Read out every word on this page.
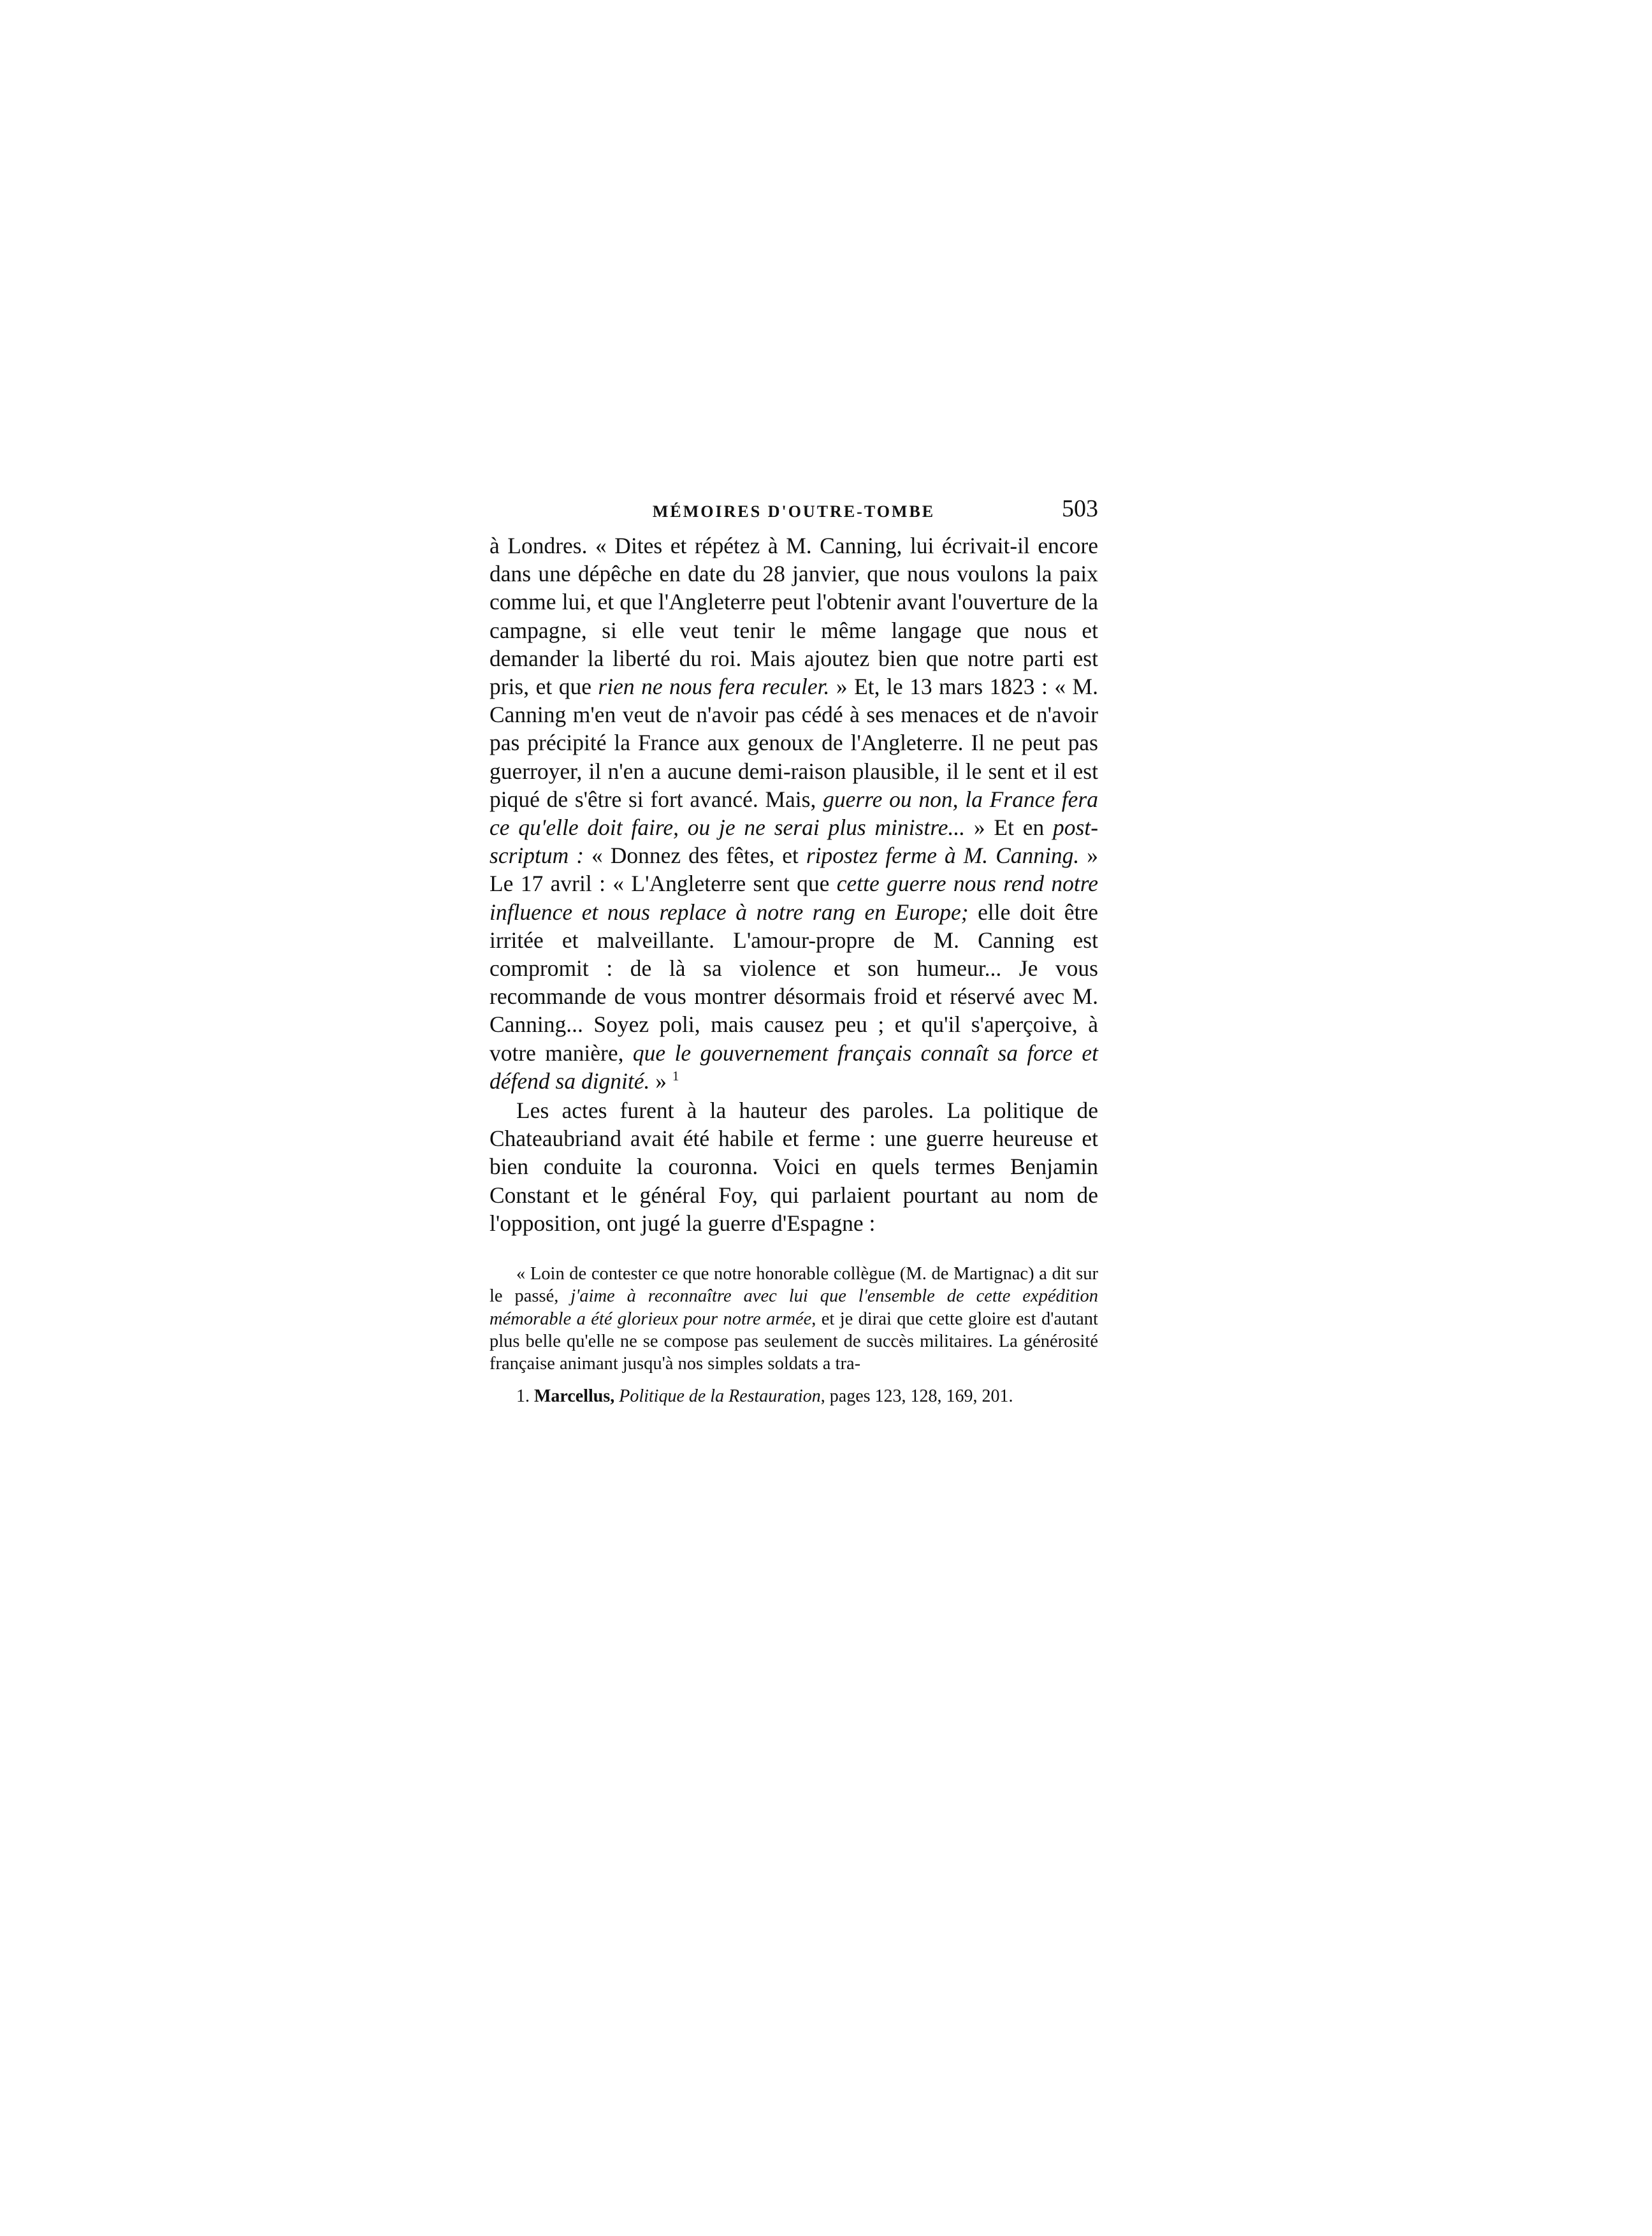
MÉMOIRES D'OUTRE-TOMBE	503

à Londres. « Dites et répétez à M. Canning, lui écrivait-il encore dans une dépêche en date du 28 janvier, que nous voulons la paix comme lui, et que l'Angleterre peut l'obtenir avant l'ouverture de la campagne, si elle veut tenir le même langage que nous et demander la liberté du roi. Mais ajoutez bien que notre parti est pris, et que rien ne nous fera reculer. » Et, le 13 mars 1823 : « M. Canning m'en veut de n'avoir pas cédé à ses menaces et de n'avoir pas précipité la France aux genoux de l'Angleterre. Il ne peut pas guerroyer, il n'en a aucune demi-raison plausible, il le sent et il est piqué de s'être si fort avancé. Mais, guerre ou non, la France fera ce qu'elle doit faire, ou je ne serai plus ministre... » Et en post-scriptum : « Donnez des fêtes, et ripostez ferme à M. Canning. » Le 17 avril : « L'Angleterre sent que cette guerre nous rend notre influence et nous replace à notre rang en Europe; elle doit être irritée et malveillante. L'amour-propre de M. Canning est compromit : de là sa violence et son humeur... Je vous recommande de vous montrer désormais froid et réservé avec M. Canning... Soyez poli, mais causez peu ; et qu'il s'aperçoive, à votre manière, que le gouvernement français connaît sa force et défend sa dignité. » $^1$

Les actes furent à la hauteur des paroles. La politique de Chateaubriand avait été habile et ferme : une guerre heureuse et bien conduite la couronna. Voici en quels termes Benjamin Constant et le général Foy, qui parlaient pourtant au nom de l'opposition, ont jugé la guerre d'Espagne :

« Loin de contester ce que notre honorable collègue (M. de Martignac) a dit sur le passé, j'aime à reconnaître avec lui que l'ensemble de cette expédition mémorable a été glorieux pour notre armée, et je dirai que cette gloire est d'autant plus belle qu'elle ne se compose pas seulement de succès militaires. La générosité française animant jusqu'à nos simples soldats a tra-

1. Marcellus, Politique de la Restauration, pages 123, 128, 169, 201.
